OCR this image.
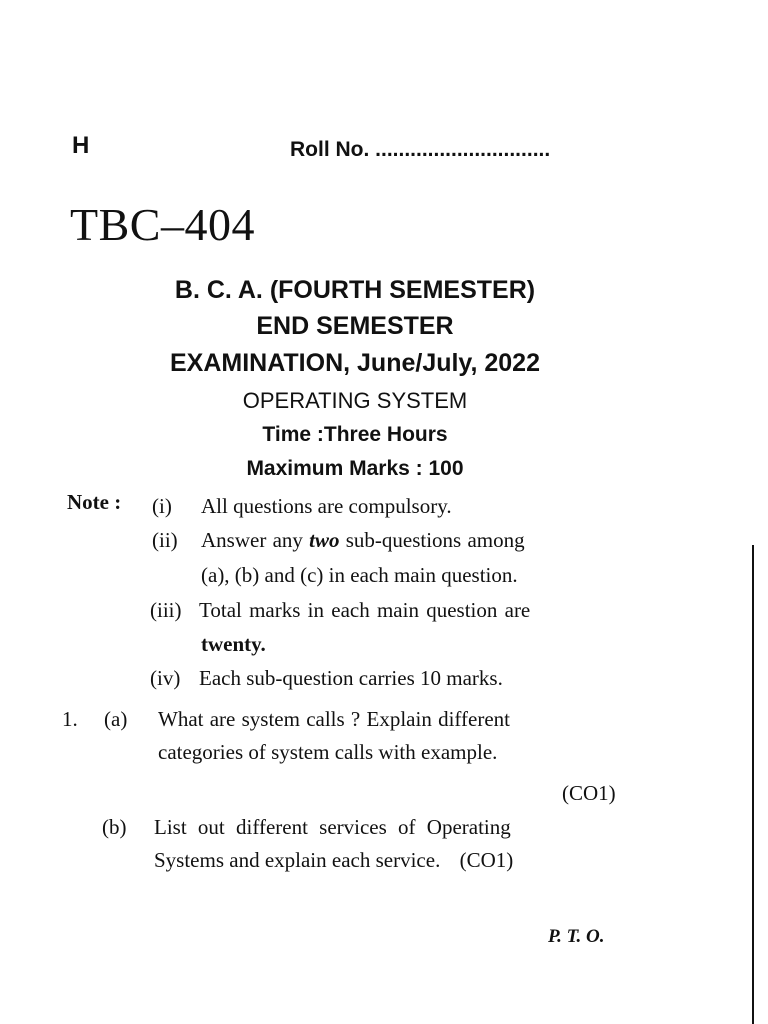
H	Roll No. ..............................
TBC–404
B. C. A. (FOURTH SEMESTER)
END SEMESTER
EXAMINATION, June/July, 2022
OPERATING SYSTEM
Time :Three Hours
Maximum Marks : 100
Note : (i) All questions are compulsory.
(ii) Answer any two sub-questions among
(a), (b) and (c) in each main question.
(iii) Total marks in each main question are
twenty.
(iv) Each sub-question carries 10 marks.
1. (a) What are system calls ? Explain different
categories of system calls with example.
(CO1)
(b) List out different services of Operating
Systems and explain each service. (CO1)
P. T. O.
